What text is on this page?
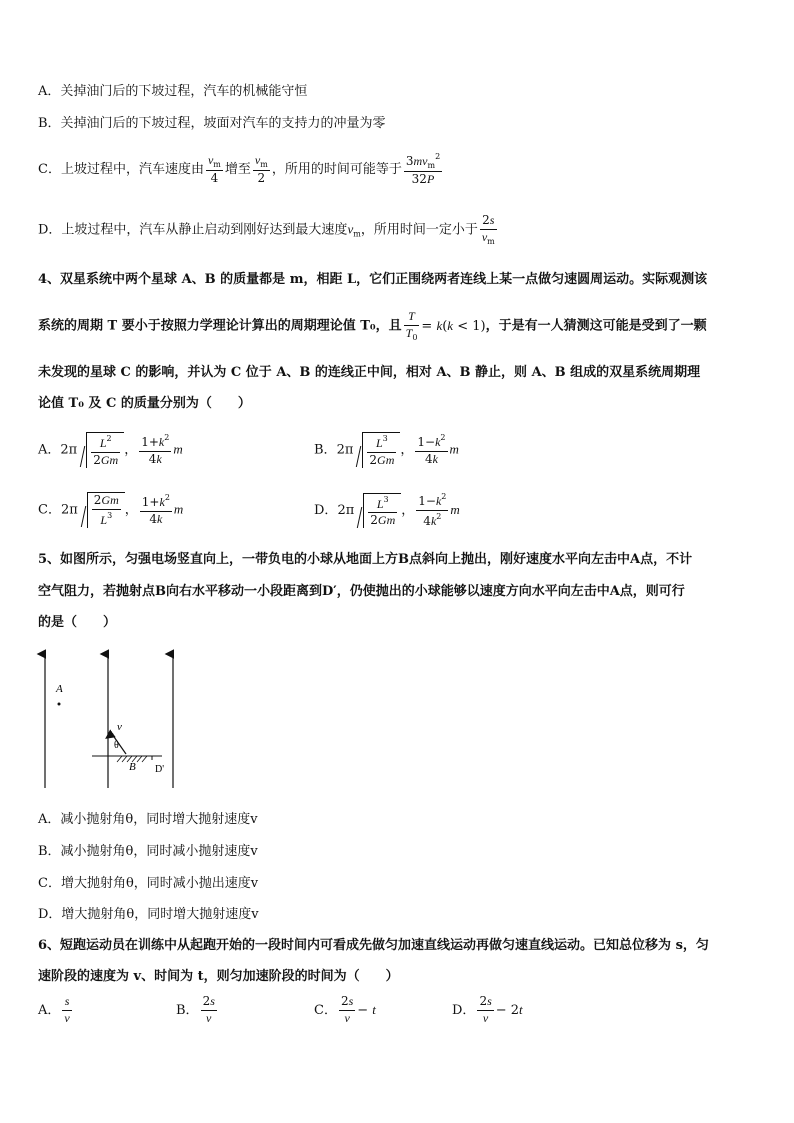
A．关掉油门后的下坡过程，汽车的机械能守恒
B．关掉油门后的下坡过程，坡面对汽车的支持力的冲量为零
C．上坡过程中，汽车速度由 $\frac{v_m}{4}$ 增至 $\frac{v_m}{2}$ ，所用的时间可能等于 $\frac{3mv_m^2}{32P}$
D．上坡过程中，汽车从静止启动到刚好达到最大速度$v_m$，所用时间一定小于 $\frac{2s}{v_m}$
4、双星系统中两个星球 A、B 的质量都是 m，相距 L，它们正围绕两者连线上某一点做匀速圆周运动。实际观测该
系统的周期 T 要小于按照力学理论计算出的周期理论值 T₀，且 $\frac{T}{T_0} = k(k < 1)$，于是有一人猜测这可能是受到了一颗
未发现的星球 C 的影响，并认为 C 位于 A、B 的连线正中间，相对 A、B 静止，则 A、B 组成的双星系统周期理
论值 T₀ 及 C 的质量分别为（　　）
A．$2\pi \frac{L^2}{2Gm}$ ， $\frac{1+k^2}{4k}$ m	B．$2\pi \frac{L^3}{2Gm}$ ， $\frac{1-k^2}{4k}$ m
C．$2\pi \frac{2Gm}{L^3}$ ， $\frac{1+k^2}{4k}$ m	D．$2\pi \frac{L^3}{2Gm}$ ， $\frac{1-k^2}{4k^2}$ m
5、如图所示，匀强电场竖直向上，一带负电的小球从地面上方B点斜向上抛出，刚好速度水平向左击中A点，不计
空气阻力，若抛射点B向右水平移动一小段距离到D′，仍使抛出的小球能够以速度方向水平向左击中A点，则可行
的是（　　）
A
v
θ
B D'
A．减小抛射角θ，同时增大抛射速度v
B．减小抛射角θ，同时减小抛射速度v
C．增大抛射角θ，同时减小抛出速度v
D．增大抛射角θ，同时增大抛射速度v
6、短跑运动员在训练中从起跑开始的一段时间内可看成先做匀加速直线运动再做匀速直线运动。已知总位移为 s，匀
速阶段的速度为 v、时间为 t，则匀加速阶段的时间为（　　）
A． $\frac{s}{v}$	B． $\frac{2s}{v}$	C． $\frac{2s}{v} - t$	D． $\frac{2s}{v} - 2t$
